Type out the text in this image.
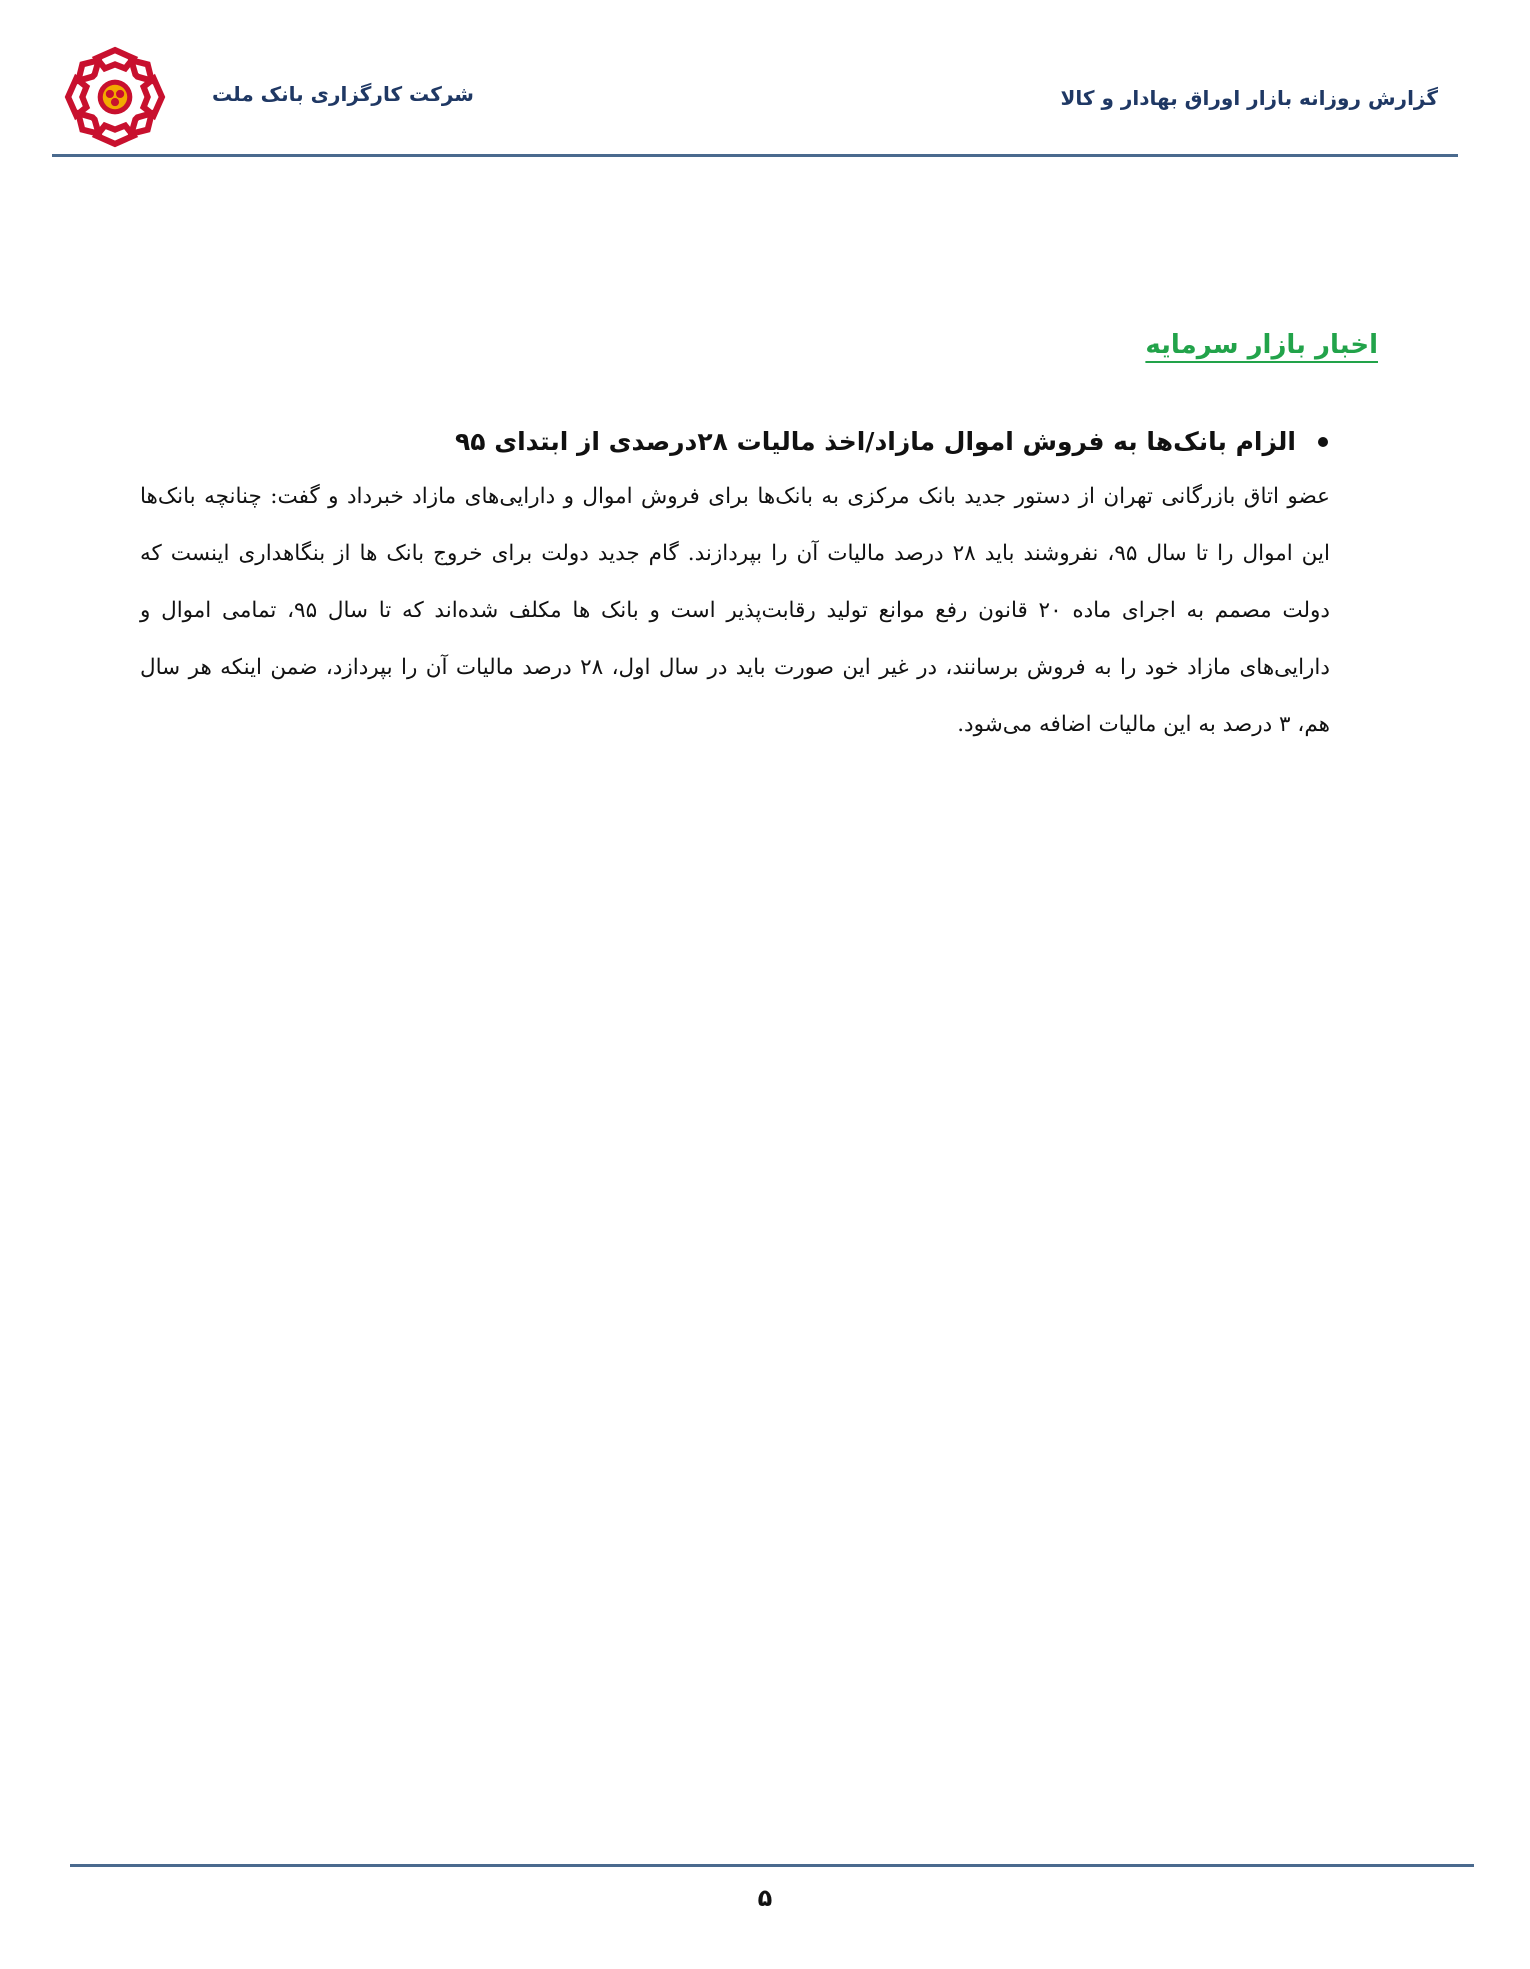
شرکت کارگزاری بانک ملت	گزارش روزانه بازار اوراق بهادار و کالا
اخبار بازار سرمایه
الزام بانک‌ها به فروش اموال مازاد/اخذ مالیات ۲۸درصدی از ابتدای ۹۵
عضو اتاق بازرگانی تهران از دستور جدید بانک مرکزی به بانک‌ها برای فروش اموال و دارایی‌های مازاد خبرداد و گفت: چنانچه بانک‌ها این اموال را تا سال ۹۵، نفروشند باید ۲۸ درصد مالیات آن را بپردازند. گام جدید دولت برای خروج بانک ها از بنگاهداری اینست که دولت مصمم به اجرای ماده ۲۰ قانون رفع موانع تولید رقابت‌پذیر است و بانک ها مکلف شده‌اند که تا سال ۹۵، تمامی اموال و دارایی‌های مازاد خود را به فروش برسانند، در غیر این صورت باید در سال اول، ۲۸ درصد مالیات آن را بپردازد، ضمن اینکه هر سال هم، ۳ درصد به این مالیات اضافه می‌شود.
۵
